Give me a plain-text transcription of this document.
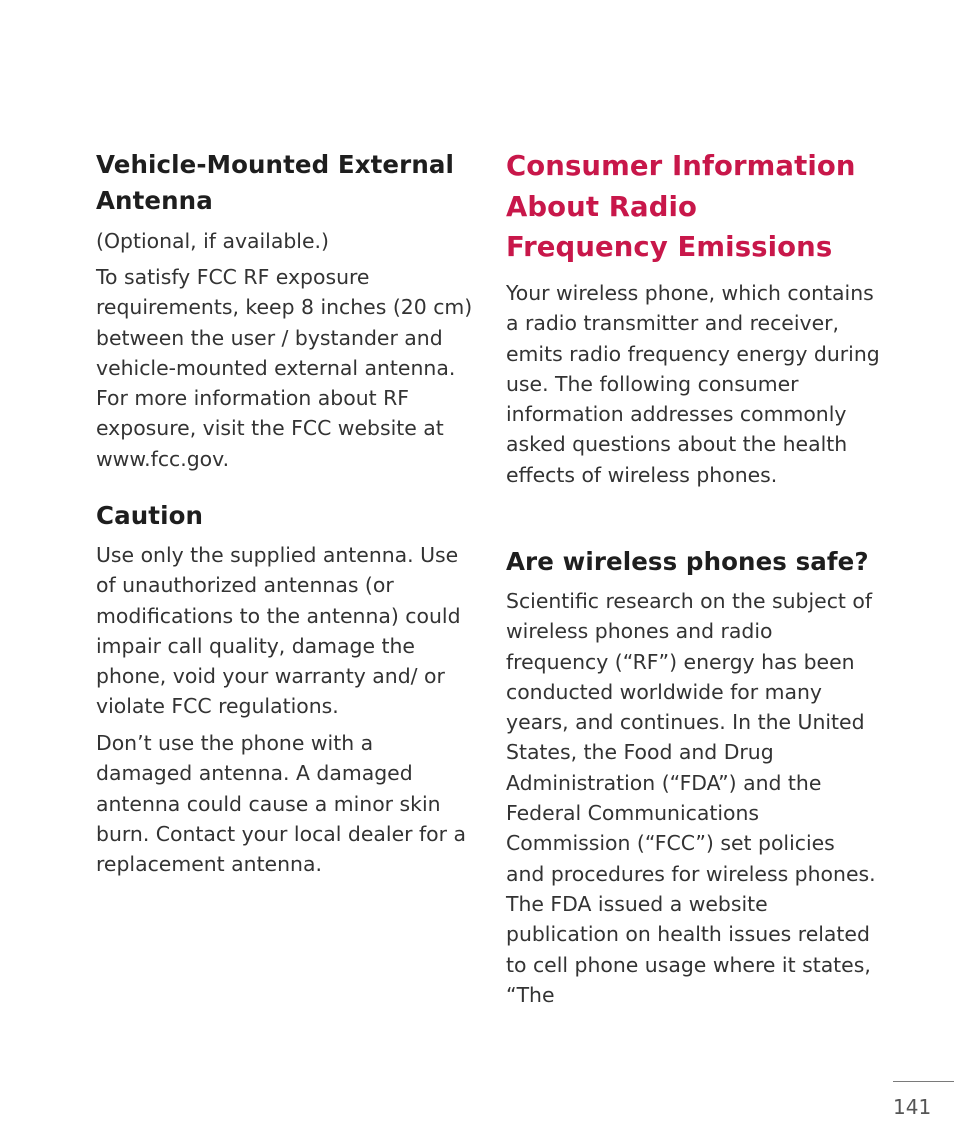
Vehicle-Mounted External Antenna

(Optional, if available.)

To satisfy FCC RF exposure requirements, keep 8 inches (20 cm) between the user / bystander and vehicle-mounted external antenna. For more information about RF exposure, visit the FCC website at www.fcc.gov.

Caution

Use only the supplied antenna. Use of unauthorized antennas (or modifications to the antenna) could impair call quality, damage the phone, void your warranty and/ or violate FCC regulations.

Don’t use the phone with a damaged antenna. A damaged antenna could cause a minor skin burn. Contact your local dealer for a replacement antenna.

Consumer Information About Radio Frequency Emissions

Your wireless phone, which contains a radio transmitter and receiver, emits radio frequency energy during use. The following consumer information addresses commonly asked questions about the health effects of wireless phones.

Are wireless phones safe?

Scientific research on the subject of wireless phones and radio frequency (“RF”) energy has been conducted worldwide for many years, and continues. In the United States, the Food and Drug Administration (“FDA”) and the Federal Communications Commission (“FCC”) set policies and procedures for wireless phones. The FDA issued a website publication on health issues related to cell phone usage where it states, “The

141
